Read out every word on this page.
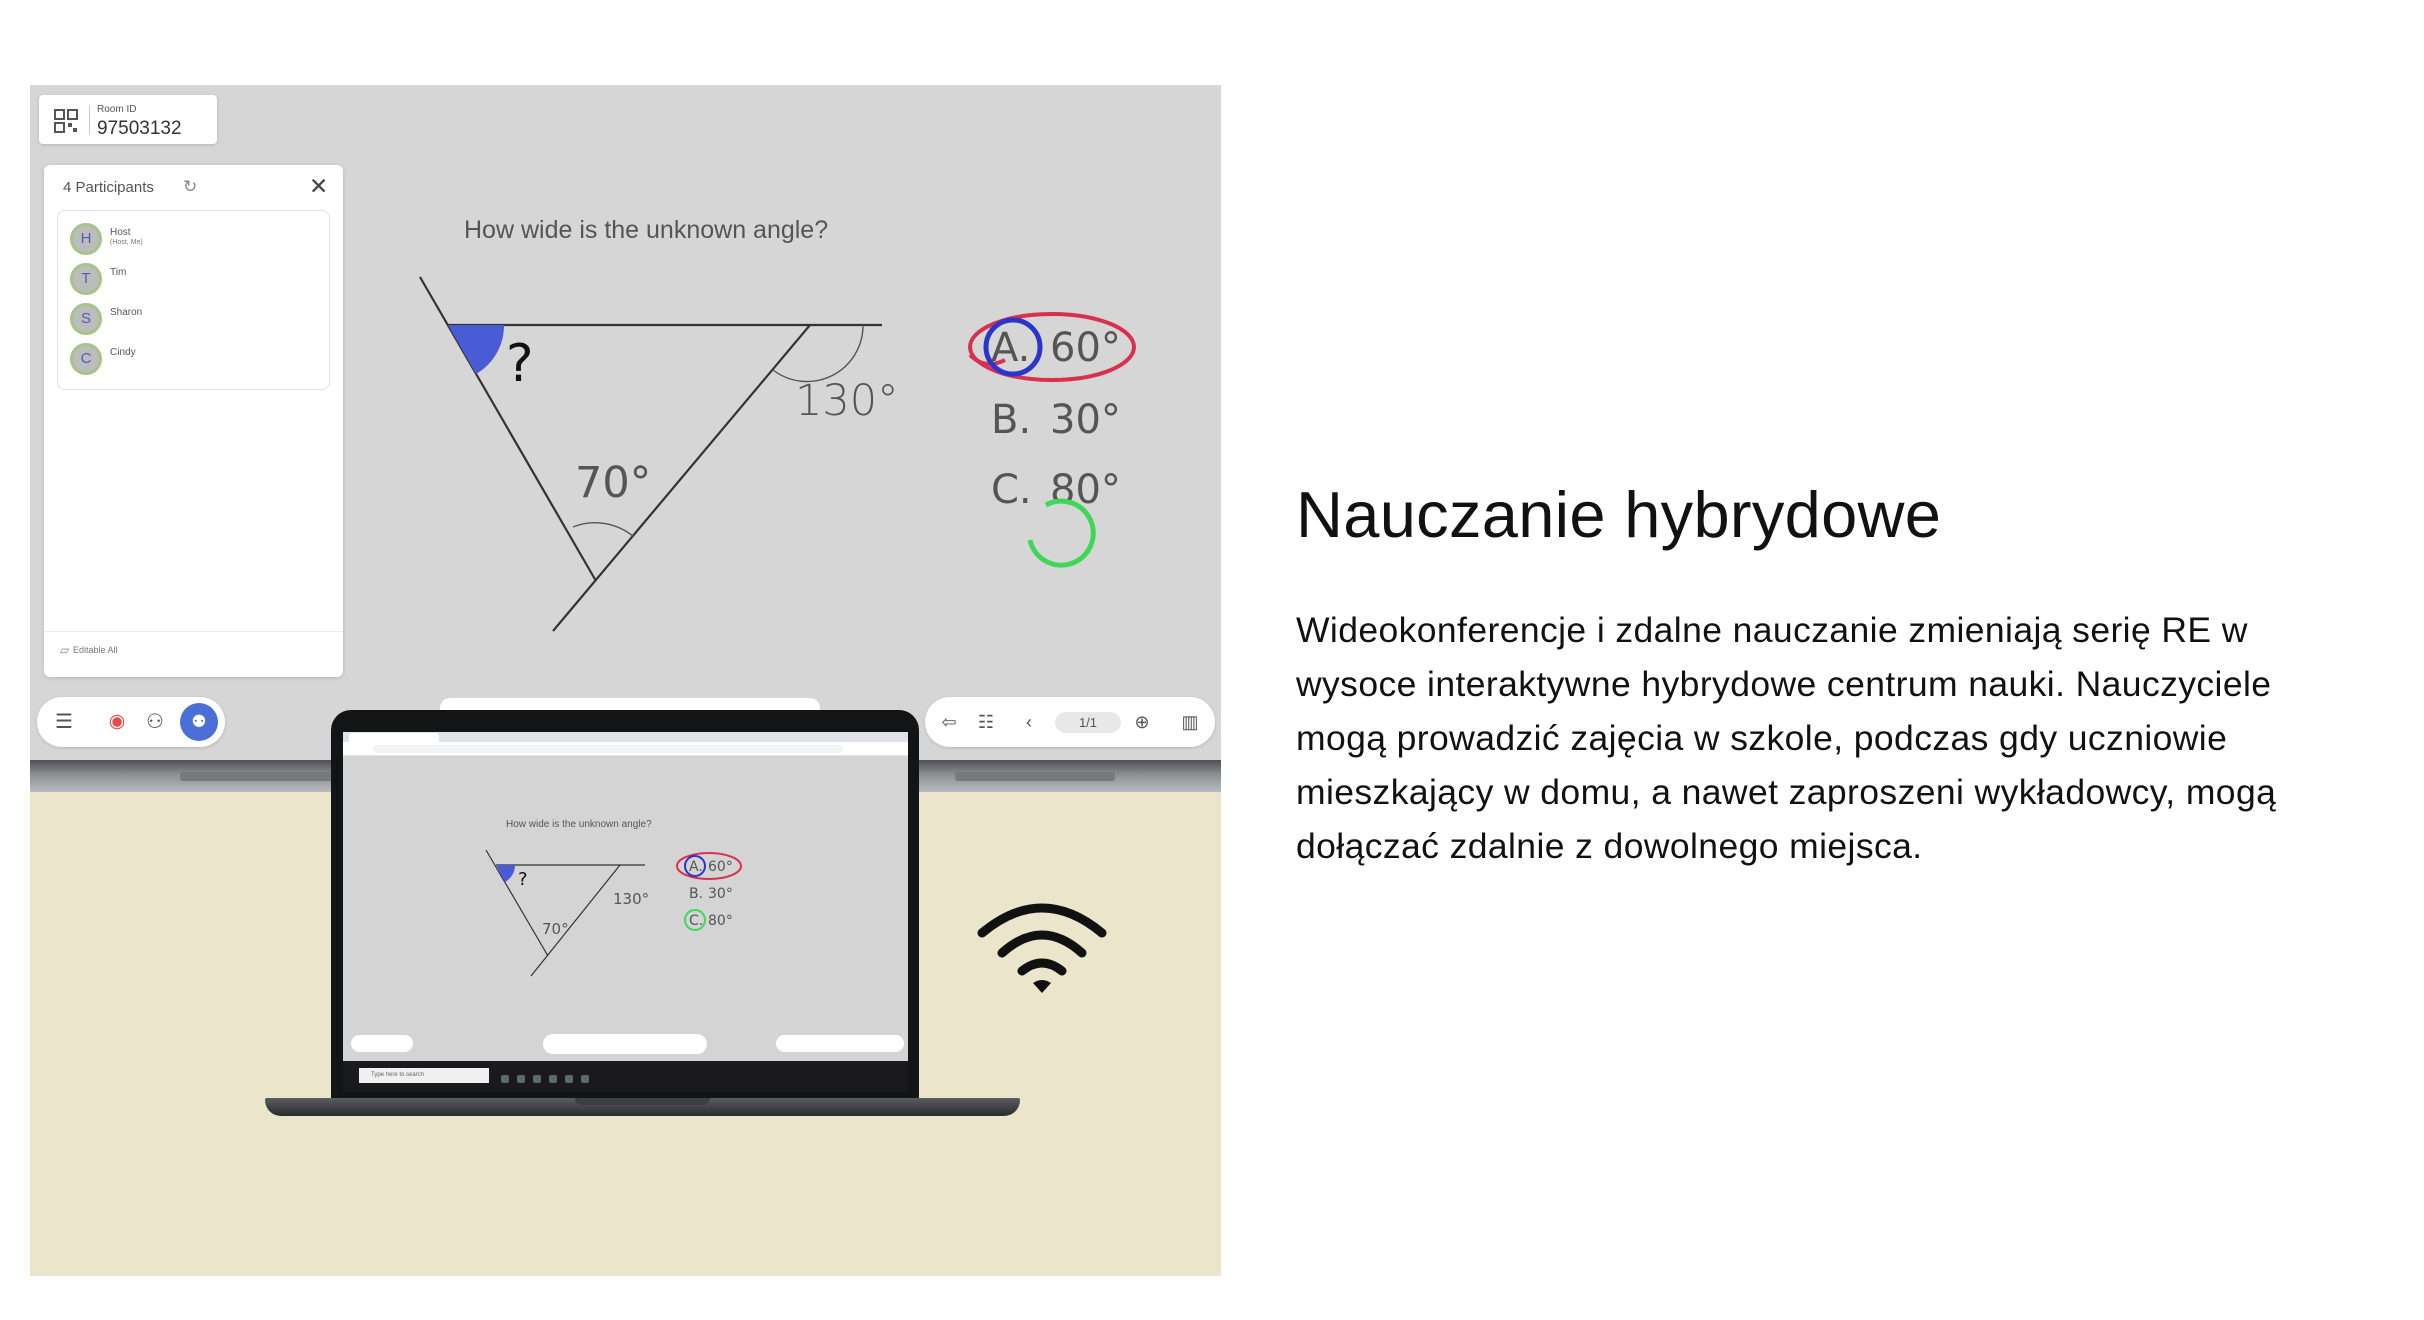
How wide is the unknown angle?
?
130°
70°
A. 60°
B. 30°
C. 80°
Room ID
97503132
4 Participants ↻	✕
H	Host
(Host, Me)
T	Tim
S	Sharon
C	Cindy
▱ Editable All
☰	◉	⚇	⚉	⇦	☷	‹	1/1	⊕	▥
How wide is the unknown angle?
?
130°
70°
A. 60°
B. 30°
C. 80°
Type here to search
Nauczanie hybrydowe

Wideokonferencje i zdalne nauczanie zmieniają serię RE w wysoce interaktywne hybrydowe centrum nauki. Nauczyciele mogą prowadzić zajęcia w szkole, podczas gdy uczniowie mieszkający w domu, a nawet zaproszeni wykładowcy, mogą dołączać zdalnie z dowolnego miejsca.
